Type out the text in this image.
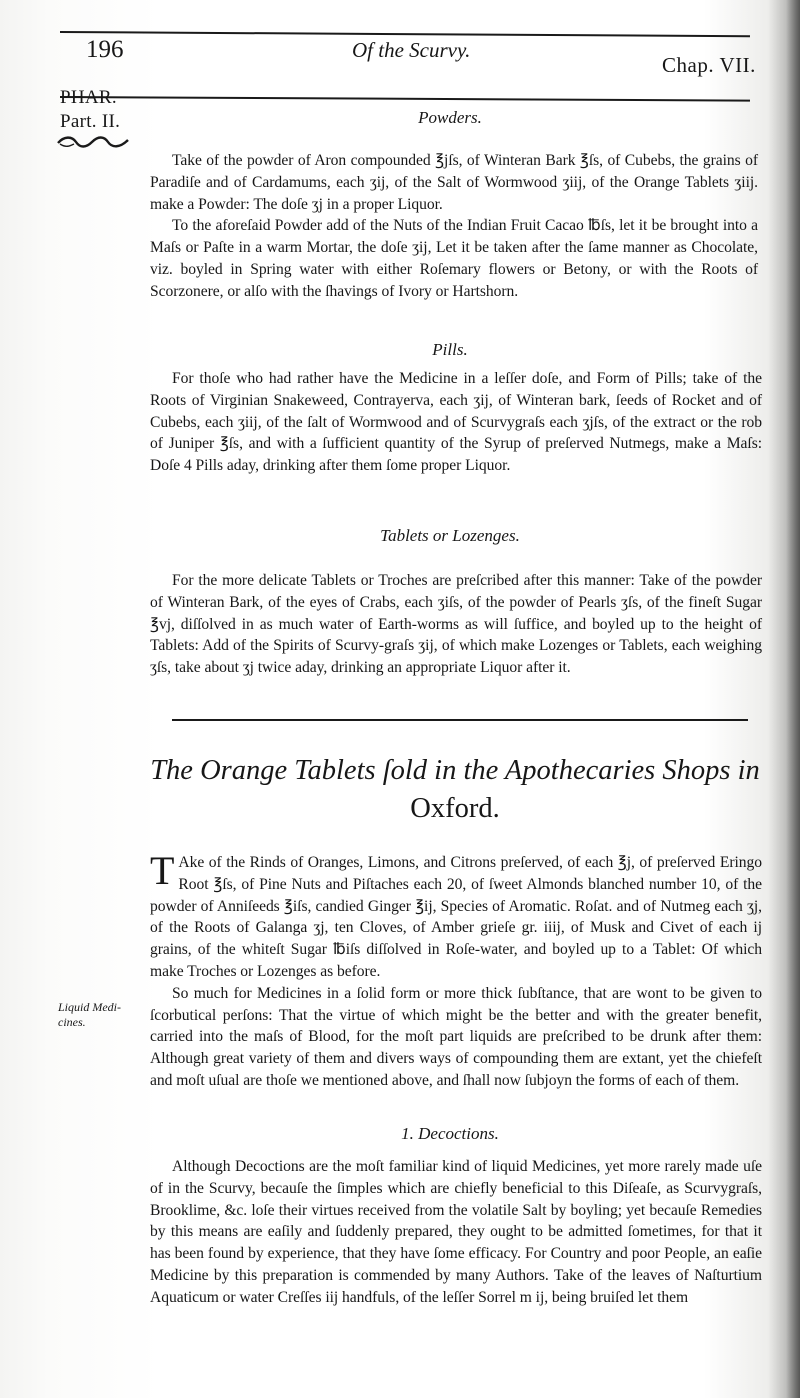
196	Of the Scurvy.
Chap. VII.
PHAR.
Part. II.	Powders.

Take of the powder of Aron compounded ℥jſs, of Winteran Bark ℥ſs, of Cubebs, the grains of Paradiſe and of Cardamums, each ʒij, of the Salt of Wormwood ʒiij, of the Orange Tablets ʒiij. make a Powder: The doſe ʒj in a proper Liquor.

To the aforeſaid Powder add of the Nuts of the Indian Fruit Cacao ℔ſs, let it be brought into a Maſs or Paſte in a warm Mortar, the doſe ʒij, Let it be taken after the ſame manner as Chocolate, viz. boyled in Spring water with either Roſemary flowers or Betony, or with the Roots of Scorzonere, or alſo with the ſhavings of Ivory or Hartshorn.

Pills.

For thoſe who had rather have the Medicine in a leſſer doſe, and Form of Pills; take of the Roots of Virginian Snakeweed, Contrayerva, each ʒij, of Winteran bark, ſeeds of Rocket and of Cubebs, each ʒiij, of the ſalt of Wormwood and of Scurvygraſs each ʒjſs, of the extract or the rob of Juniper ℥ſs, and with a ſufficient quantity of the Syrup of preſerved Nutmegs, make a Maſs: Doſe 4 Pills aday, drinking after them ſome proper Liquor.

Tablets or Lozenges.

For the more delicate Tablets or Troches are preſcribed after this manner: Take of the powder of Winteran Bark, of the eyes of Crabs, each ʒiſs, of the powder of Pearls ʒſs, of the fineſt Sugar ℥vj, diſſolved in as much water of Earth-worms as will ſuffice, and boyled up to the height of Tablets: Add of the Spirits of Scurvy-graſs ʒij, of which make Lozenges or Tablets, each weighing ʒſs, take about ʒj twice aday, drinking an appropriate Liquor after it.

The Orange Tablets ſold in the Apothecaries Shops in
Oxford.

T Ake of the Rinds of Oranges, Limons, and Citrons preſerved, of each ℥j, of preſerved Eringo Root ℥ſs, of Pine Nuts and Piſtaches each 20, of ſweet Almonds blanched number 10, of the powder of Anniſeeds ℥iſs, candied Ginger ℥ij, Species of Aromatic. Roſat. and of Nutmeg each ʒj, of the Roots of Galanga ʒj, ten Cloves, of Amber grieſe gr. iiij, of Musk and Civet of each ij grains, of the whiteſt Sugar ℔iſs diſſolved in Roſe-water, and boyled up to a Tablet: Of which make Troches or Lozenges as before.

So much for Medicines in a ſolid form or more thick ſubſtance, that are wont to be given to ſcorbutical perſons: That the virtue of which might be the better and with the greater benefit, carried into the maſs of Blood, for the moſt part liquids are preſcribed to be drunk after them: Although great variety of them and divers ways of compounding them are extant, yet the chiefeſt and moſt uſual are thoſe we mentioned above, and ſhall now ſubjoyn the forms of each of them.

Liquid Medi-
cines.
1. Decoctions.

Although Decoctions are the moſt familiar kind of liquid Medicines, yet more rarely made uſe of in the Scurvy, becauſe the ſimples which are chiefly beneficial to this Diſeaſe, as Scurvygraſs, Brooklime, &c. loſe their virtues received from the volatile Salt by boyling; yet becauſe Remedies by this means are eaſily and ſuddenly prepared, they ought to be admitted ſometimes, for that it has been found by experience, that they have ſome efficacy. For Country and poor People, an eaſie Medicine by this preparation is commended by many Authors. Take of the leaves of Naſturtium Aquaticum or water Creſſes iij handfuls, of the leſſer Sorrel m ij, being bruiſed let them
